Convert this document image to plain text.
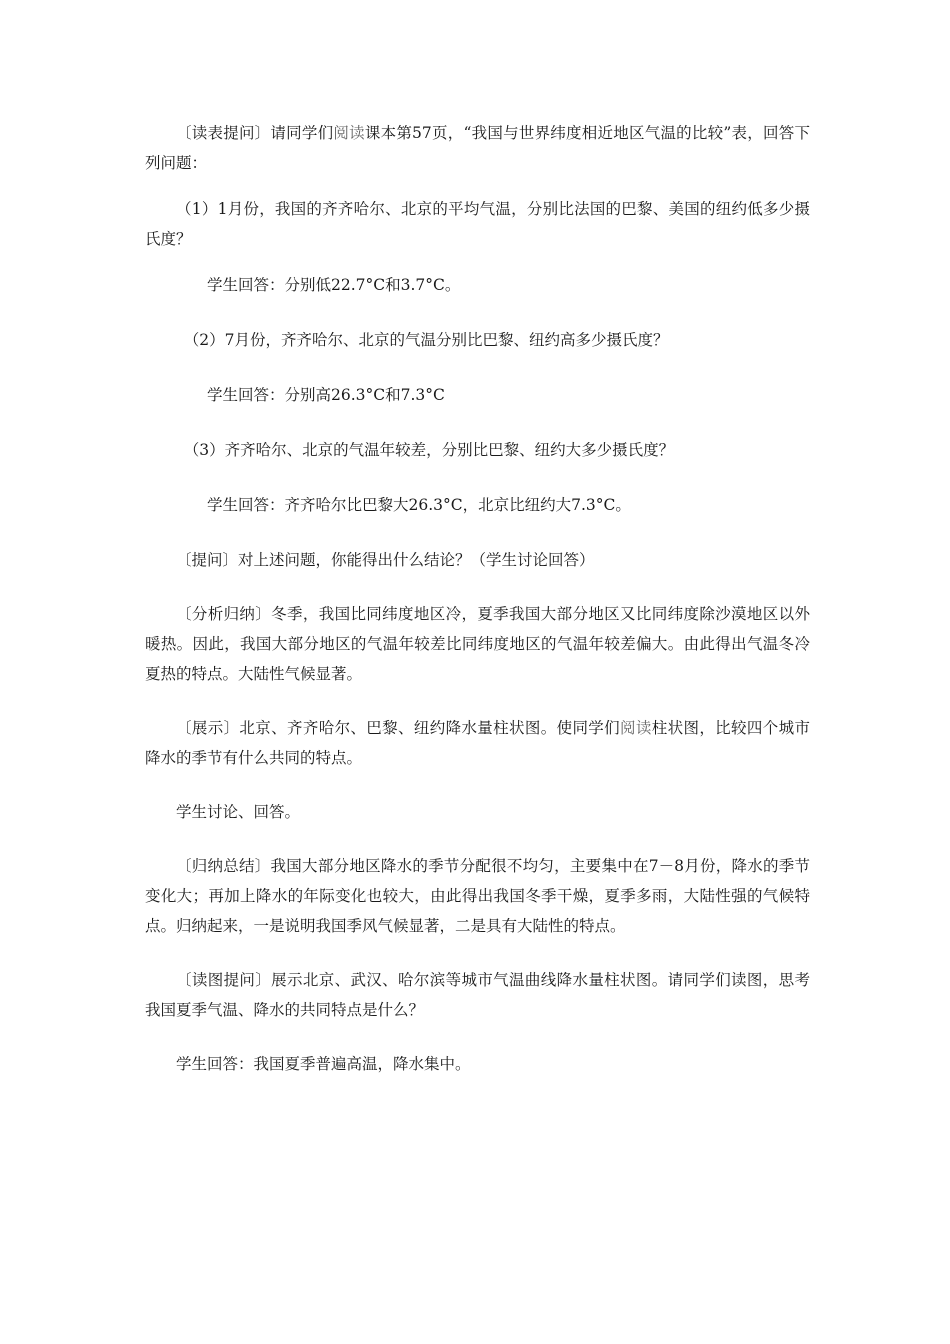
〔读表提问〕请同学们阅读课本第57页，“我国与世界纬度相近地区气温的比较”表，回答下列问题：

（1）1月份，我国的齐齐哈尔、北京的平均气温，分别比法国的巴黎、美国的纽约低多少摄氏度？

学生回答：分别低22.7°C和3.7°C。

（2）7月份，齐齐哈尔、北京的气温分别比巴黎、纽约高多少摄氏度？

学生回答：分别高26.3°C和7.3°C

（3）齐齐哈尔、北京的气温年较差，分别比巴黎、纽约大多少摄氏度？

学生回答：齐齐哈尔比巴黎大26.3°C，北京比纽约大7.3°C。

〔提问〕对上述问题，你能得出什么结论？（学生讨论回答）

〔分析归纳〕冬季，我国比同纬度地区冷，夏季我国大部分地区又比同纬度除沙漠地区以外暖热。因此，我国大部分地区的气温年较差比同纬度地区的气温年较差偏大。由此得出气温冬冷夏热的特点。大陆性气候显著。

〔展示〕北京、齐齐哈尔、巴黎、纽约降水量柱状图。使同学们阅读柱状图，比较四个城市降水的季节有什么共同的特点。

学生讨论、回答。

〔归纳总结〕我国大部分地区降水的季节分配很不均匀，主要集中在7－8月份，降水的季节变化大；再加上降水的年际变化也较大，由此得出我国冬季干燥，夏季多雨，大陆性强的气候特点。归纳起来，一是说明我国季风气候显著，二是具有大陆性的特点。

〔读图提问〕展示北京、武汉、哈尔滨等城市气温曲线降水量柱状图。请同学们读图，思考我国夏季气温、降水的共同特点是什么？

学生回答：我国夏季普遍高温，降水集中。
